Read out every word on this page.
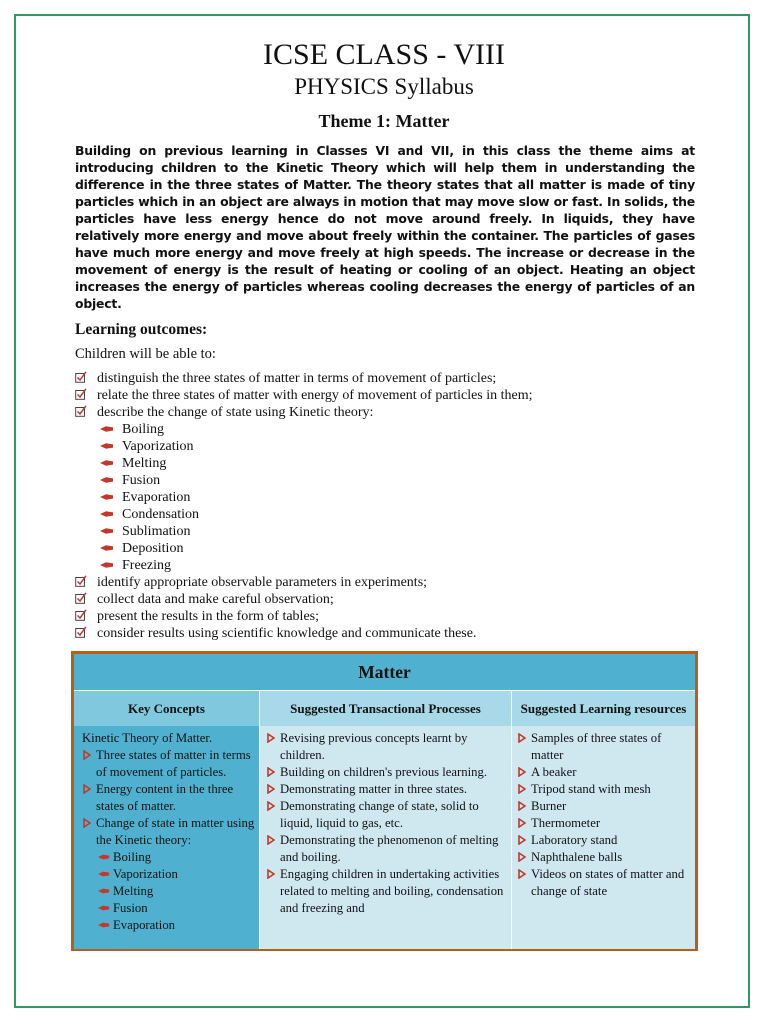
ICSE CLASS - VIII
PHYSICS Syllabus
Theme 1: Matter
Building on previous learning in Classes VI and VII, in this class the theme aims at introducing children to the Kinetic Theory which will help them in understanding the difference in the three states of Matter. The theory states that all matter is made of tiny particles which in an object are always in motion that may move slow or fast. In solids, the particles have less energy hence do not move around freely. In liquids, they have relatively more energy and move about freely within the container. The particles of gases have much more energy and move freely at high speeds. The increase or decrease in the movement of energy is the result of heating or cooling of an object. Heating an object increases the energy of particles whereas cooling decreases the energy of particles of an object.
Learning outcomes:
Children will be able to:
distinguish the three states of matter in terms of movement of particles;
relate the three states of matter with energy of movement of particles in them;
describe the change of state using Kinetic theory:
Boiling
Vaporization
Melting
Fusion
Evaporation
Condensation
Sublimation
Deposition
Freezing
identify appropriate observable parameters in experiments;
collect data and make careful observation;
present the results in the form of tables;
consider results using scientific knowledge and communicate these.
Matter
Key Concepts	Suggested Transactional Processes	Suggested Learning resources
Kinetic Theory of Matter.
Three states of matter in terms of movement of particles.
Energy content in the three states of matter.
Change of state in matter using the Kinetic theory:
Boiling
Vaporization
Melting
Fusion
Evaporation
Revising previous concepts learnt by children.
Building on children's previous learning.
Demonstrating matter in three states.
Demonstrating change of state, solid to liquid, liquid to gas, etc.
Demonstrating the phenomenon of melting and boiling.
Engaging children in undertaking activities related to melting and boiling, condensation and freezing and
Samples of three states of matter
A beaker
Tripod stand with mesh
Burner
Thermometer
Laboratory stand
Naphthalene balls
Videos on states of matter and change of state
